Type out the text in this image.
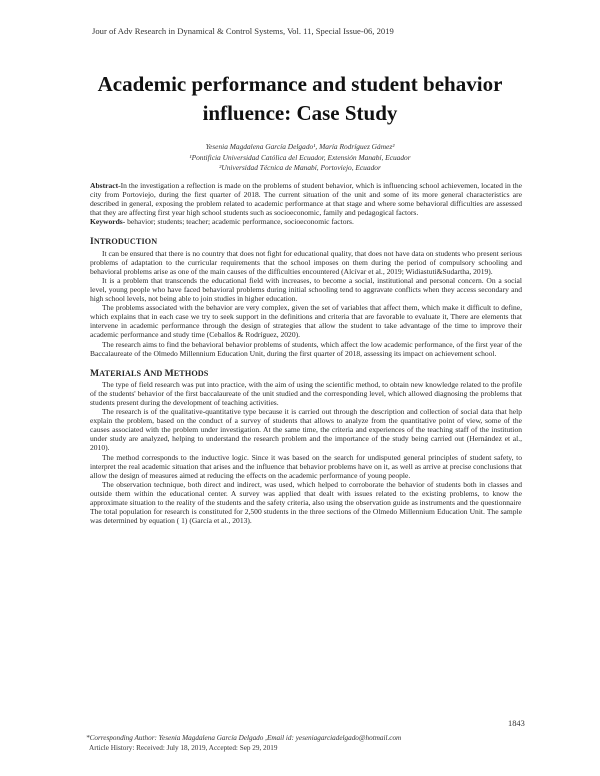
Jour of Adv Research in Dynamical & Control Systems, Vol. 11, Special Issue-06, 2019
Academic performance and student behavior
influence: Case Study
Yesenia Magdalena García Delgado¹, María Rodríguez Gámez²
¹Pontificia Universidad Católica del Ecuador, Extensión Manabí, Ecuador
²Universidad Técnica de Manabí, Portoviejo, Ecuador

Abstract-In the investigation a reflection is made on the problems of student behavior, which is influencing school achievemen, located in the city from Portoviejo, during the first quarter of 2018. The current situation of the unit and some of its more general characteristics are described in general, exposing the problem related to academic performance at that stage and where some behavioral difficulties are assessed that they are affecting first year high school students such as socioeconomic, family and pedagogical factors.

Keywords- behavior; students; teacher; academic performance, socioeconomic factors.

INTRODUCTION

It can be ensured that there is no country that does not fight for educational quality, that does not have data on students who present serious problems of adaptation to the curricular requirements that the school imposes on them during the period of compulsory schooling and behavioral problems arise as one of the main causes of the difficulties encountered (Alcívar et al., 2019; Widiastuti&Sudartha, 2019).

It is a problem that transcends the educational field with increases, to become a social, institutional and personal concern. On a social level, young people who have faced behavioral problems during initial schooling tend to aggravate conflicts when they access secondary and high school levels, not being able to join studies in higher education.

The problems associated with the behavior are very complex, given the set of variables that affect them, which make it difficult to define, which explains that in each case we try to seek support in the definitions and criteria that are favorable to evaluate it, There are elements that intervene in academic performance through the design of strategies that allow the student to take advantage of the time to improve their academic performance and study time (Ceballos & Rodríguez, 2020).

The research aims to find the behavioral behavior problems of students, which affect the low academic performance, of the first year of the Baccalaureate of the Olmedo Millennium Education Unit, during the first quarter of 2018, assessing its impact on achievement school.

MATERIALS AND METHODS

The type of field research was put into practice, with the aim of using the scientific method, to obtain new knowledge related to the profile of the students' behavior of the first baccalaureate of the unit studied and the corresponding level, which allowed diagnosing the problems that students present during the development of teaching activities.

The research is of the qualitative-quantitative type because it is carried out through the description and collection of social data that help explain the problem, based on the conduct of a survey of students that allows to analyze from the quantitative point of view, some of the causes associated with the problem under investigation. At the same time, the criteria and experiences of the teaching staff of the institution under study are analyzed, helping to understand the research problem and the importance of the study being carried out (Hernández et al., 2010).

The method corresponds to the inductive logic. Since it was based on the search for undisputed general principles of student safety, to interpret the real academic situation that arises and the influence that behavior problems have on it, as well as arrive at precise conclusions that allow the design of measures aimed at reducing the effects on the academic performance of young people.

The observation technique, both direct and indirect, was used, which helped to corroborate the behavior of students both in classes and outside them within the educational center. A survey was applied that dealt with issues related to the existing problems, to know the approximate situation to the reality of the students and the safety criteria, also using the observation guide as instruments and the questionnaire

The total population for research is constituted for 2,500 students in the three sections of the Olmedo Millennium Education Unit. The sample was determined by equation ( 1) (García et al., 2013).

1843
*Corresponding Author: Yesenia Magdalena García Delgado ,Email id: yeseniagarciadelgado@hotmail.com
Article History: Received: July 18, 2019, Accepted: Sep 29, 2019
